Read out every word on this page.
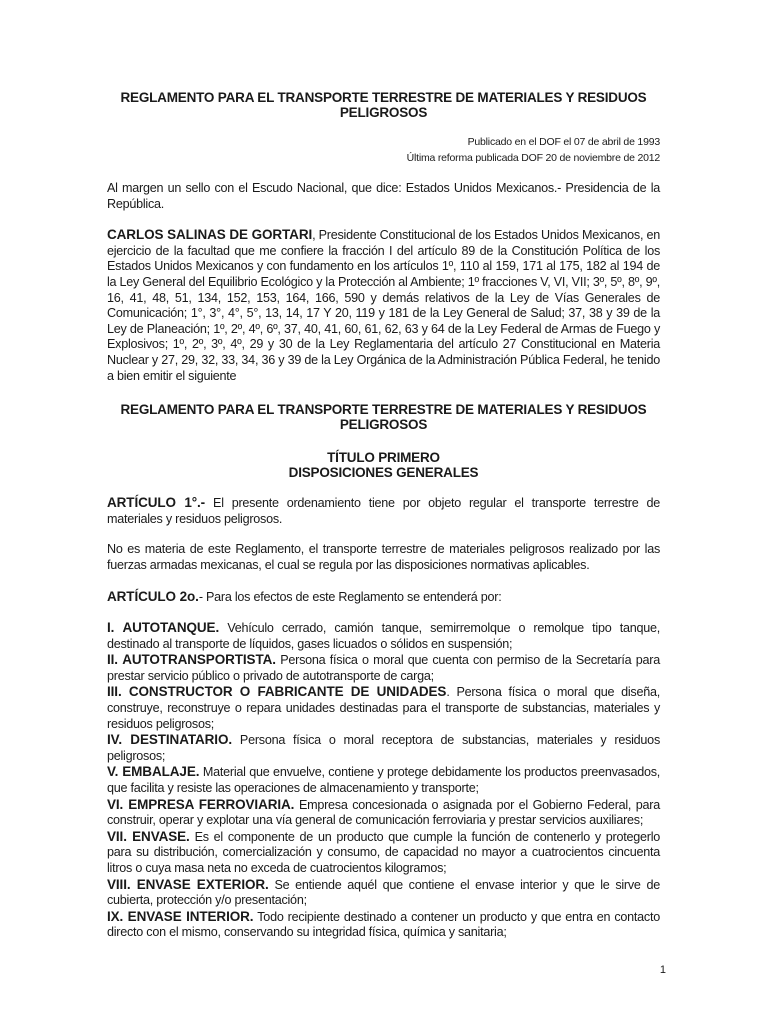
REGLAMENTO PARA EL TRANSPORTE TERRESTRE DE MATERIALES Y RESIDUOS PELIGROSOS

Publicado en el DOF el 07 de abril de 1993
Última reforma publicada DOF 20 de noviembre de 2012

Al margen un sello con el Escudo Nacional, que dice: Estados Unidos Mexicanos.- Presidencia de la República.

CARLOS SALINAS DE GORTARI, Presidente Constitucional de los Estados Unidos Mexicanos, en ejercicio de la facultad que me confiere la fracción I del artículo 89 de la Constitución Política de los Estados Unidos Mexicanos y con fundamento en los artículos 1º, 110 al 159, 171 al 175, 182 al 194 de la Ley General del Equilibrio Ecológico y la Protección al Ambiente; 1º fracciones V, VI, VII; 3º, 5º, 8º, 9º, 16, 41, 48, 51, 134, 152, 153, 164, 166, 590 y demás relativos de la Ley de Vías Generales de Comunicación; 1°, 3°, 4°, 5°, 13, 14, 17 Y 20, 119 y 181 de la Ley General de Salud; 37, 38 y 39 de la Ley de Planeación; 1º, 2º, 4º, 6º, 37, 40, 41, 60, 61, 62, 63 y 64 de la Ley Federal de Armas de Fuego y Explosivos; 1º, 2º, 3º, 4º, 29 y 30 de la Ley Reglamentaria del artículo 27 Constitucional en Materia Nuclear y 27, 29, 32, 33, 34, 36 y 39 de la Ley Orgánica de la Administración Pública Federal, he tenido a bien emitir el siguiente

REGLAMENTO PARA EL TRANSPORTE TERRESTRE DE MATERIALES Y RESIDUOS PELIGROSOS

TÍTULO PRIMERO

DISPOSICIONES GENERALES

ARTÍCULO 1°.- El presente ordenamiento tiene por objeto regular el transporte terrestre de materiales y residuos peligrosos.

No es materia de este Reglamento, el transporte terrestre de materiales peligrosos realizado por las fuerzas armadas mexicanas, el cual se regula por las disposiciones normativas aplicables.

ARTÍCULO 2o.- Para los efectos de este Reglamento se entenderá por:

I. AUTOTANQUE. Vehículo cerrado, camión tanque, semirremolque o remolque tipo tanque, destinado al transporte de líquidos, gases licuados o sólidos en suspensión;

II. AUTOTRANSPORTISTA. Persona física o moral que cuenta con permiso de la Secretaría para prestar servicio público o privado de autotransporte de carga;

III. CONSTRUCTOR O FABRICANTE DE UNIDADES. Persona física o moral que diseña, construye, reconstruye o repara unidades destinadas para el transporte de substancias, materiales y residuos peligrosos;

IV. DESTINATARIO. Persona física o moral receptora de substancias, materiales y residuos peligrosos;

V. EMBALAJE. Material que envuelve, contiene y protege debidamente los productos preenvasados, que facilita y resiste las operaciones de almacenamiento y transporte;

VI. EMPRESA FERROVIARIA. Empresa concesionada o asignada por el Gobierno Federal, para construir, operar y explotar una vía general de comunicación ferroviaria y prestar servicios auxiliares;

VII. ENVASE. Es el componente de un producto que cumple la función de contenerlo y protegerlo para su distribución, comercialización y consumo, de capacidad no mayor a cuatrocientos cincuenta litros o cuya masa neta no exceda de cuatrocientos kilogramos;

VIII. ENVASE EXTERIOR. Se entiende aquél que contiene el envase interior y que le sirve de cubierta, protección y/o presentación;

IX. ENVASE INTERIOR. Todo recipiente destinado a contener un producto y que entra en contacto directo con el mismo, conservando su integridad física, química y sanitaria;

1
